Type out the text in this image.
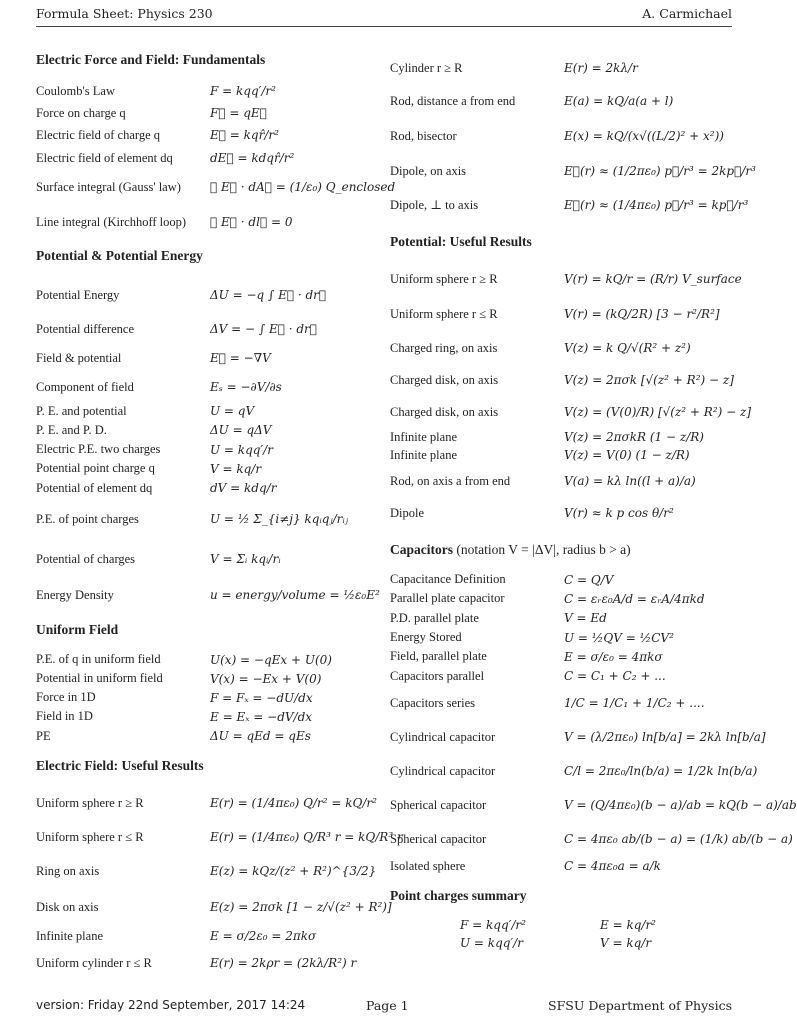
Formula Sheet: Physics 230	A. Carmichael
Electric Force and Field: Fundamentals
Coulomb's Law	F = kqq′/r²
Force on charge q	F⃗ = qE⃗
Electric field of charge q	E⃗ = kqr̂/r²
Electric field of element dq	dE⃗ = kdqr̂/r²
Surface integral (Gauss' law) ∮ E⃗ · dA⃗ = (1/ε₀) Q_enclosed
Line integral (Kirchhoff loop) ∮ E⃗ · dl⃗ = 0
Potential & Potential Energy
Potential Energy	ΔU = −q ∫ E⃗ · dr⃗
Potential difference	ΔV = − ∫ E⃗ · dr⃗
Field & potential	E⃗ = −∇V
Component of field	Eₛ = −∂V/∂s
P. E. and potential	U = qV
P. E. and P. D.	ΔU = qΔV
Electric P.E. two charges	U = kqq′/r
Potential point charge q	V = kq/r
Potential of element dq	dV = kdq/r
P.E. of point charges	U = ½ Σ_{i≠j} kqᵢqⱼ/rᵢⱼ
Potential of charges	V = Σᵢ kqᵢ/rᵢ
Energy Density	u = energy/volume = ½ε₀E²
Uniform Field
P.E. of q in uniform field	U(x) = −qEx + U(0)
Potential in uniform field	V(x) = −Ex + V(0)
Force in 1D	F = Fₓ = −dU/dx
Field in 1D	E = Eₓ = −dV/dx
PE	ΔU = qEd = qEs
Electric Field: Useful Results
Uniform sphere r ≥ R	E(r) = (1/4πε₀) Q/r² = kQ/r²
Uniform sphere r ≤ R	E(r) = (1/4πε₀) Q/R³ r = kQ/R³ r
Ring on axis	E(z) = kQz/(z² + R²)^{3/2}
Disk on axis	E(z) = 2πσk [1 − z/√(z² + R²)]
Infinite plane	E = σ/2ε₀ = 2πkσ
Uniform cylinder r ≤ R	E(r) = 2kρr = (2kλ/R²) r
Cylinder r ≥ R	E(r) = 2kλ/r
Rod, distance a from end	E(a) = kQ/a(a + l)
Rod, bisector	E(x) = kQ/(x√((L/2)² + x²))
Dipole, on axis	E⃗(r) ≈ (1/2πε₀) p⃗/r³ = 2kp⃗/r³
Dipole, ⊥ to axis	E⃗(r) ≈ (1/4πε₀) p⃗/r³ = kp⃗/r³
Potential: Useful Results
Uniform sphere r ≥ R	V(r) = kQ/r = (R/r) V_surface
Uniform sphere r ≤ R	V(r) = (kQ/2R) [3 − r²/R²]
Charged ring, on axis	V(z) = k Q/√(R² + z²)
Charged disk, on axis	V(z) = 2πσk [√(z² + R²) − z]
Charged disk, on axis	V(z) = (V(0)/R) [√(z² + R²) − z]
Infinite plane	V(z) = 2πσkR (1 − z/R)
Infinite plane	V(z) = V(0) (1 − z/R)
Rod, on axis a from end	V(a) = kλ ln((l + a)/a)
Dipole	V(r) ≈ k p cos θ/r²
Capacitors (notation V = |ΔV|, radius b > a)
Capacitance Definition	C = Q/V
Parallel plate capacitor	C = εᵣε₀A/d = εᵣA/4πkd
P.D. parallel plate	V = Ed
Energy Stored	U = ½QV = ½CV²
Field, parallel plate	E = σ/ε₀ = 4πkσ
Capacitors parallel	C = C₁ + C₂ + ...
Capacitors series	1/C = 1/C₁ + 1/C₂ + ....
Cylindrical capacitor	V = (λ/2πε₀) ln[b/a] = 2kλ ln[b/a]
Cylindrical capacitor	C/l = 2πε₀/ln(b/a) = 1/2k ln(b/a)
Spherical capacitor	V = (Q/4πε₀)(b − a)/ab = kQ(b − a)/ab
Spherical capacitor	C = 4πε₀ ab/(b − a) = (1/k) ab/(b − a)
Isolated sphere	C = 4πε₀a = a/k
Point charges summary
F = kqq′/r²	E = kq/r²
U = kqq′/r	V = kq/r
version: Friday 22nd September, 2017 14:24	Page 1	SFSU Department of Physics
